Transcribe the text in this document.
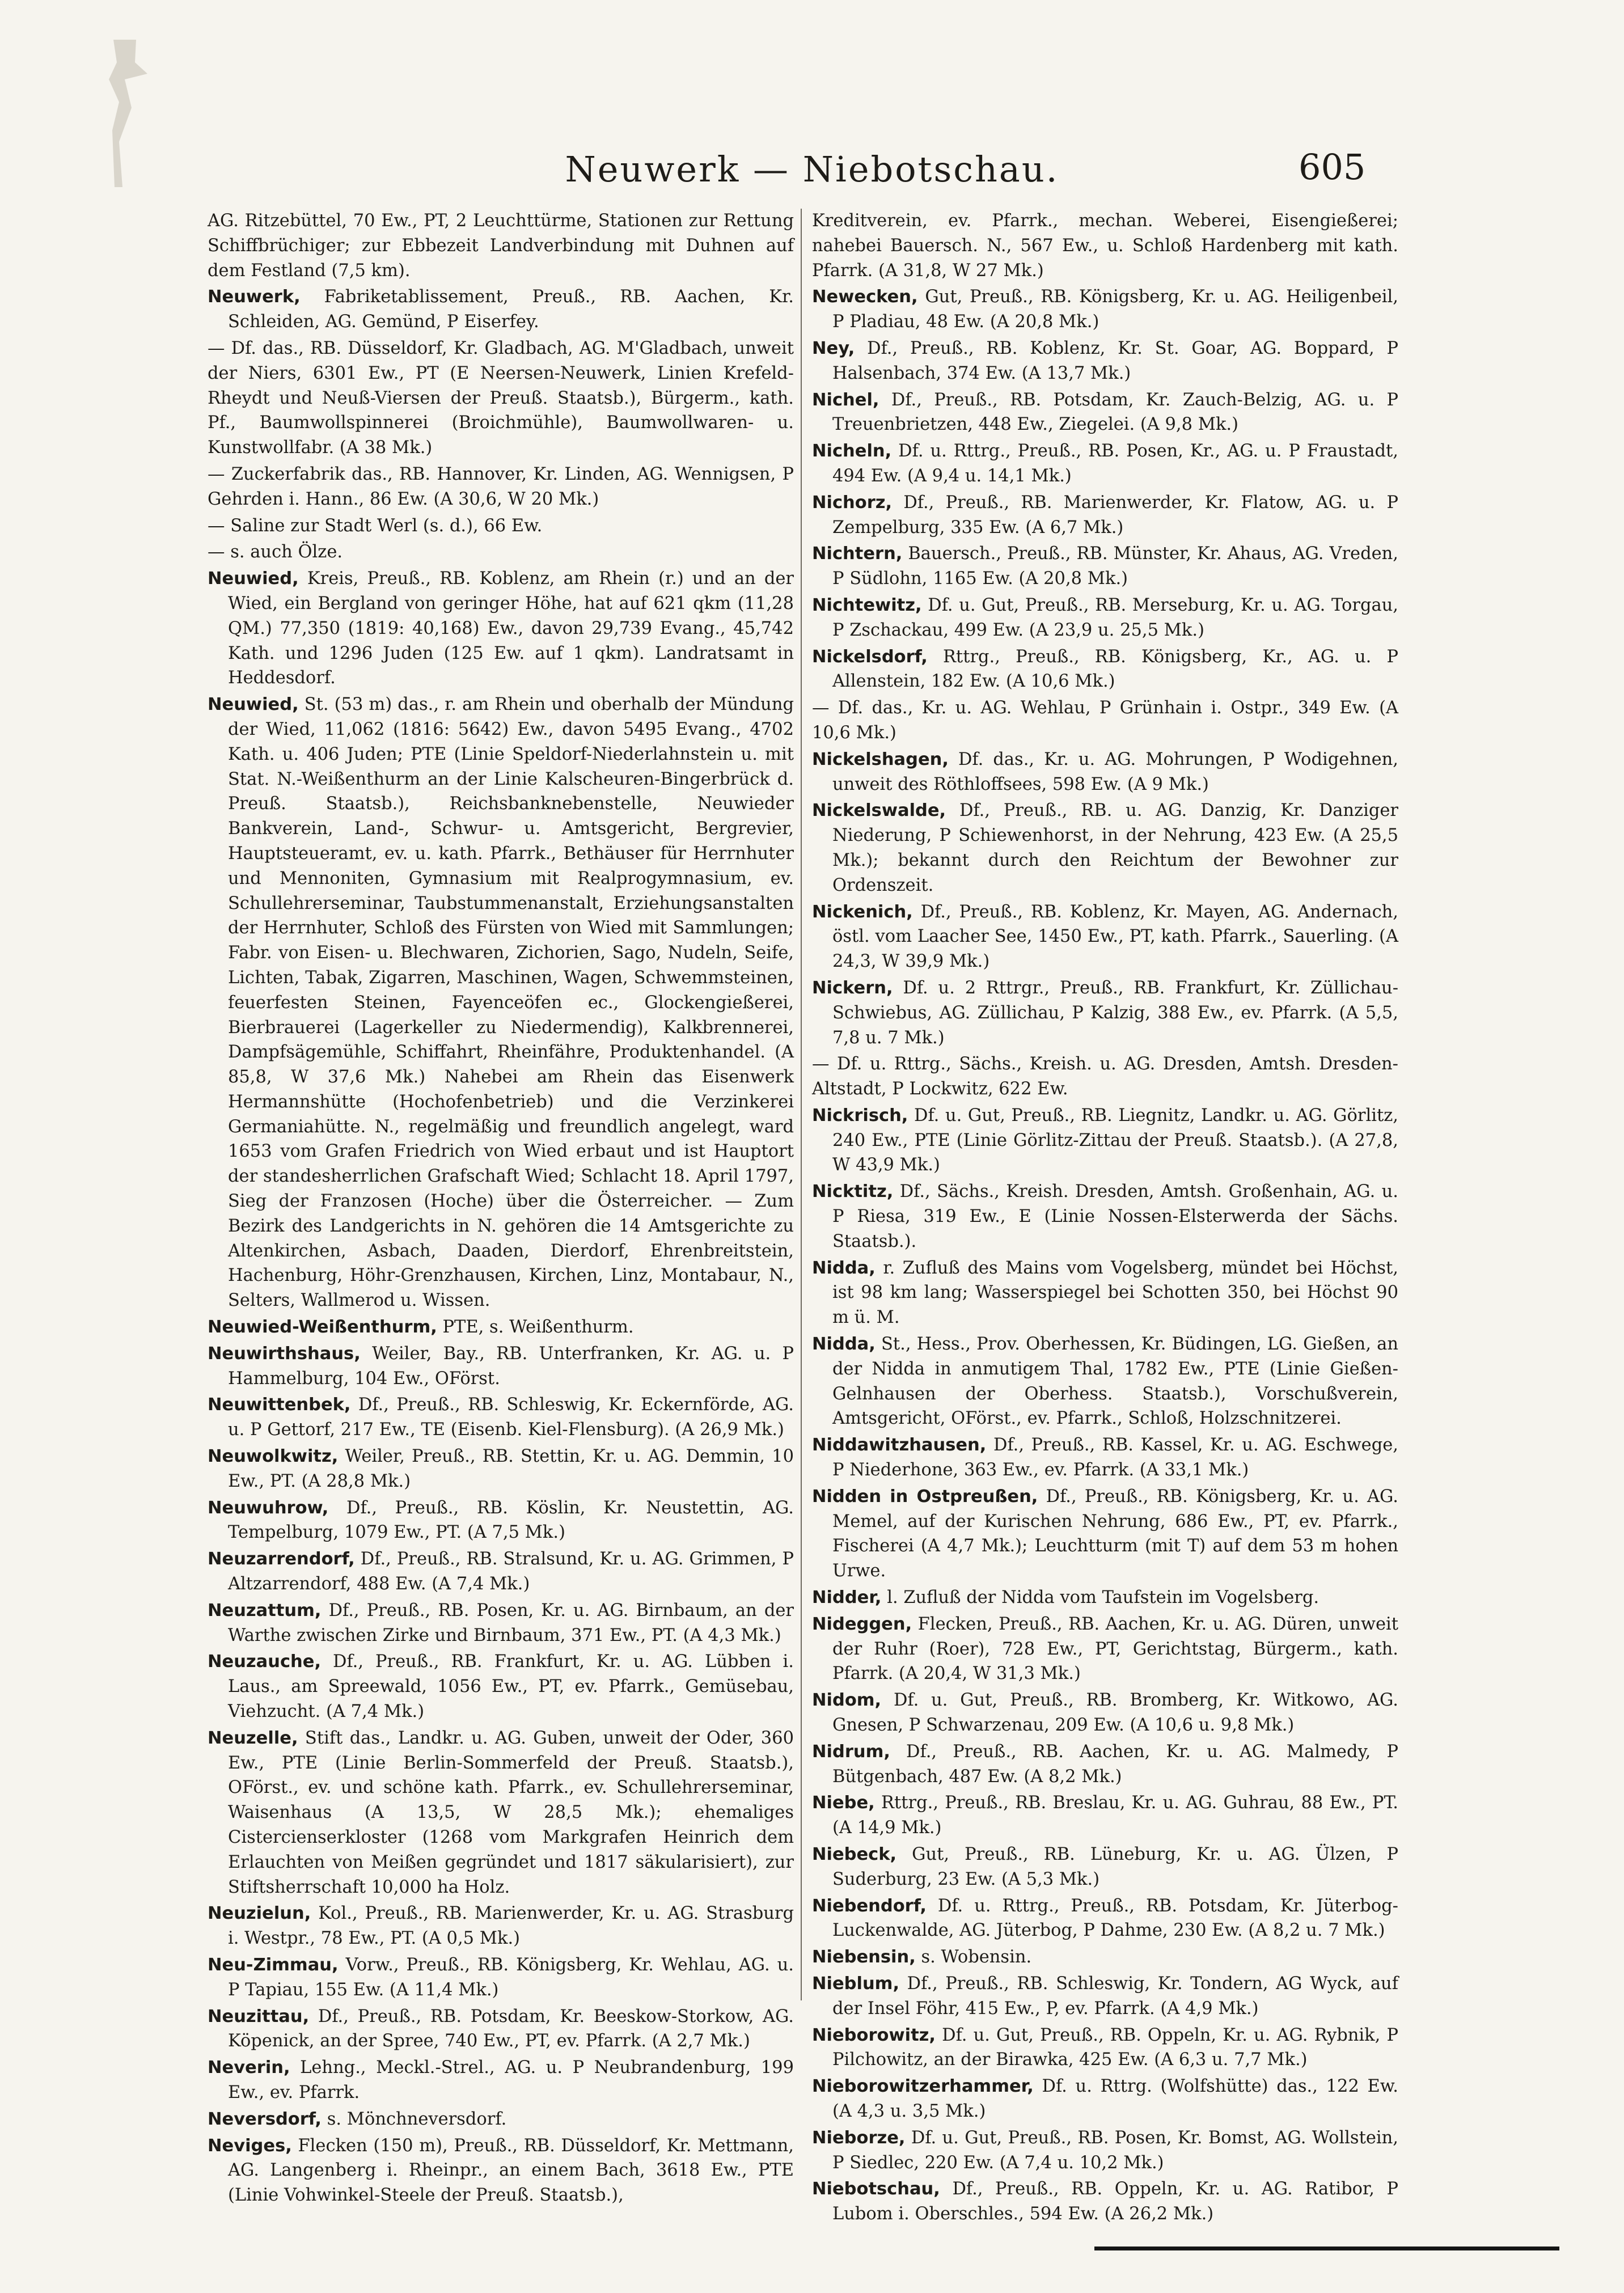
Neuwerk — Niebotschau.	605

AG. Ritzebüttel, 70 Ew., PT, 2 Leuchttürme, Stationen zur Rettung Schiffbrüchiger; zur Ebbezeit Landverbindung mit Duhnen auf dem Festland (7,5 km).

Neuwerk, Fabriketablissement, Preuß., RB. Aachen, Kr. Schleiden, AG. Gemünd, P Eiserfey.

— Df. das., RB. Düsseldorf, Kr. Gladbach, AG. M'Gladbach, unweit der Niers, 6301 Ew., PT (E Neersen-Neuwerk, Linien Krefeld-Rheydt und Neuß-Viersen der Preuß. Staatsb.), Bürgerm., kath. Pf., Baumwollspinnerei (Broichmühle), Baumwollwaren- u. Kunstwollfabr. (A 38 Mk.)

— Zuckerfabrik das., RB. Hannover, Kr. Linden, AG. Wennigsen, P Gehrden i. Hann., 86 Ew. (A 30,6, W 20 Mk.)

— Saline zur Stadt Werl (s. d.), 66 Ew.

— s. auch Ölze.

Neuwied, Kreis, Preuß., RB. Koblenz, am Rhein (r.) und an der Wied, ein Bergland von geringer Höhe, hat auf 621 qkm (11,28 QM.) 77,350 (1819: 40,168) Ew., davon 29,739 Evang., 45,742 Kath. und 1296 Juden (125 Ew. auf 1 qkm). Landratsamt in Heddesdorf.

Neuwied, St. (53 m) das., r. am Rhein und oberhalb der Mündung der Wied, 11,062 (1816: 5642) Ew., davon 5495 Evang., 4702 Kath. u. 406 Juden; PTE (Linie Speldorf-Niederlahnstein u. mit Stat. N.-Weißenthurm an der Linie Kalscheuren-Bingerbrück d. Preuß. Staatsb.), Reichsbanknebenstelle, Neuwieder Bankverein, Land-, Schwur- u. Amtsgericht, Bergrevier, Hauptsteueramt, ev. u. kath. Pfarrk., Bethäuser für Herrnhuter und Mennoniten, Gymnasium mit Realprogymnasium, ev. Schullehrerseminar, Taubstummenanstalt, Erziehungsanstalten der Herrnhuter, Schloß des Fürsten von Wied mit Sammlungen; Fabr. von Eisen- u. Blechwaren, Zichorien, Sago, Nudeln, Seife, Lichten, Tabak, Zigarren, Maschinen, Wagen, Schwemmsteinen, feuerfesten Steinen, Fayenceöfen ec., Glockengießerei, Bierbrauerei (Lagerkeller zu Niedermendig), Kalkbrennerei, Dampfsägemühle, Schiffahrt, Rheinfähre, Produktenhandel. (A 85,8, W 37,6 Mk.) Nahebei am Rhein das Eisenwerk Hermannshütte (Hochofenbetrieb) und die Verzinkerei Germaniahütte. N., regelmäßig und freundlich angelegt, ward 1653 vom Grafen Friedrich von Wied erbaut und ist Hauptort der standesherrlichen Grafschaft Wied; Schlacht 18. April 1797, Sieg der Franzosen (Hoche) über die Österreicher. — Zum Bezirk des Landgerichts in N. gehören die 14 Amtsgerichte zu Altenkirchen, Asbach, Daaden, Dierdorf, Ehrenbreitstein, Hachenburg, Höhr-Grenzhausen, Kirchen, Linz, Montabaur, N., Selters, Wallmerod u. Wissen.

Neuwied-Weißenthurm, PTE, s. Weißenthurm.

Neuwirthshaus, Weiler, Bay., RB. Unterfranken, Kr. AG. u. P Hammelburg, 104 Ew., OFörst.

Neuwittenbek, Df., Preuß., RB. Schleswig, Kr. Eckernförde, AG. u. P Gettorf, 217 Ew., TE (Eisenb. Kiel-Flensburg). (A 26,9 Mk.)

Neuwolkwitz, Weiler, Preuß., RB. Stettin, Kr. u. AG. Demmin, 10 Ew., PT. (A 28,8 Mk.)

Neuwuhrow, Df., Preuß., RB. Köslin, Kr. Neustettin, AG. Tempelburg, 1079 Ew., PT. (A 7,5 Mk.)

Neuzarrendorf, Df., Preuß., RB. Stralsund, Kr. u. AG. Grimmen, P Altzarrendorf, 488 Ew. (A 7,4 Mk.)

Neuzattum, Df., Preuß., RB. Posen, Kr. u. AG. Birnbaum, an der Warthe zwischen Zirke und Birnbaum, 371 Ew., PT. (A 4,3 Mk.)

Neuzauche, Df., Preuß., RB. Frankfurt, Kr. u. AG. Lübben i. Laus., am Spreewald, 1056 Ew., PT, ev. Pfarrk., Gemüsebau, Viehzucht. (A 7,4 Mk.)

Neuzelle, Stift das., Landkr. u. AG. Guben, unweit der Oder, 360 Ew., PTE (Linie Berlin-Sommerfeld der Preuß. Staatsb.), OFörst., ev. und schöne kath. Pfarrk., ev. Schullehrerseminar, Waisenhaus (A 13,5, W 28,5 Mk.); ehemaliges Cistercienserkloster (1268 vom Markgrafen Heinrich dem Erlauchten von Meißen gegründet und 1817 säkularisiert), zur Stiftsherrschaft 10,000 ha Holz.

Neuzielun, Kol., Preuß., RB. Marienwerder, Kr. u. AG. Strasburg i. Westpr., 78 Ew., PT. (A 0,5 Mk.)

Neu-Zimmau, Vorw., Preuß., RB. Königsberg, Kr. Wehlau, AG. u. P Tapiau, 155 Ew. (A 11,4 Mk.)

Neuzittau, Df., Preuß., RB. Potsdam, Kr. Beeskow-Storkow, AG. Köpenick, an der Spree, 740 Ew., PT, ev. Pfarrk. (A 2,7 Mk.)

Neverin, Lehng., Meckl.-Strel., AG. u. P Neubrandenburg, 199 Ew., ev. Pfarrk.

Neversdorf, s. Mönchneversdorf.

Neviges, Flecken (150 m), Preuß., RB. Düsseldorf, Kr. Mettmann, AG. Langenberg i. Rheinpr., an einem Bach, 3618 Ew., PTE (Linie Vohwinkel-Steele der Preuß. Staatsb.),

Kreditverein, ev. Pfarrk., mechan. Weberei, Eisengießerei; nahebei Bauersch. N., 567 Ew., u. Schloß Hardenberg mit kath. Pfarrk. (A 31,8, W 27 Mk.)

Newecken, Gut, Preuß., RB. Königsberg, Kr. u. AG. Heiligenbeil, P Pladiau, 48 Ew. (A 20,8 Mk.)

Ney, Df., Preuß., RB. Koblenz, Kr. St. Goar, AG. Boppard, P Halsenbach, 374 Ew. (A 13,7 Mk.)

Nichel, Df., Preuß., RB. Potsdam, Kr. Zauch-Belzig, AG. u. P Treuenbrietzen, 448 Ew., Ziegelei. (A 9,8 Mk.)

Nicheln, Df. u. Rttrg., Preuß., RB. Posen, Kr., AG. u. P Fraustadt, 494 Ew. (A 9,4 u. 14,1 Mk.)

Nichorz, Df., Preuß., RB. Marienwerder, Kr. Flatow, AG. u. P Zempelburg, 335 Ew. (A 6,7 Mk.)

Nichtern, Bauersch., Preuß., RB. Münster, Kr. Ahaus, AG. Vreden, P Südlohn, 1165 Ew. (A 20,8 Mk.)

Nichtewitz, Df. u. Gut, Preuß., RB. Merseburg, Kr. u. AG. Torgau, P Zschackau, 499 Ew. (A 23,9 u. 25,5 Mk.)

Nickelsdorf, Rttrg., Preuß., RB. Königsberg, Kr., AG. u. P Allenstein, 182 Ew. (A 10,6 Mk.)

— Df. das., Kr. u. AG. Wehlau, P Grünhain i. Ostpr., 349 Ew. (A 10,6 Mk.)

Nickelshagen, Df. das., Kr. u. AG. Mohrungen, P Wodigehnen, unweit des Röthloffsees, 598 Ew. (A 9 Mk.)

Nickelswalde, Df., Preuß., RB. u. AG. Danzig, Kr. Danziger Niederung, P Schiewenhorst, in der Nehrung, 423 Ew. (A 25,5 Mk.); bekannt durch den Reichtum der Bewohner zur Ordenszeit.

Nickenich, Df., Preuß., RB. Koblenz, Kr. Mayen, AG. Andernach, östl. vom Laacher See, 1450 Ew., PT, kath. Pfarrk., Sauerling. (A 24,3, W 39,9 Mk.)

Nickern, Df. u. 2 Rttrgr., Preuß., RB. Frankfurt, Kr. Züllichau-Schwiebus, AG. Züllichau, P Kalzig, 388 Ew., ev. Pfarrk. (A 5,5, 7,8 u. 7 Mk.)

— Df. u. Rttrg., Sächs., Kreish. u. AG. Dresden, Amtsh. Dresden-Altstadt, P Lockwitz, 622 Ew.

Nickrisch, Df. u. Gut, Preuß., RB. Liegnitz, Landkr. u. AG. Görlitz, 240 Ew., PTE (Linie Görlitz-Zittau der Preuß. Staatsb.). (A 27,8, W 43,9 Mk.)

Nicktitz, Df., Sächs., Kreish. Dresden, Amtsh. Großenhain, AG. u. P Riesa, 319 Ew., E (Linie Nossen-Elsterwerda der Sächs. Staatsb.).

Nidda, r. Zufluß des Mains vom Vogelsberg, mündet bei Höchst, ist 98 km lang; Wasserspiegel bei Schotten 350, bei Höchst 90 m ü. M.

Nidda, St., Hess., Prov. Oberhessen, Kr. Büdingen, LG. Gießen, an der Nidda in anmutigem Thal, 1782 Ew., PTE (Linie Gießen-Gelnhausen der Oberhess. Staatsb.), Vorschußverein, Amtsgericht, OFörst., ev. Pfarrk., Schloß, Holzschnitzerei.

Niddawitzhausen, Df., Preuß., RB. Kassel, Kr. u. AG. Eschwege, P Niederhone, 363 Ew., ev. Pfarrk. (A 33,1 Mk.)

Nidden in Ostpreußen, Df., Preuß., RB. Königsberg, Kr. u. AG. Memel, auf der Kurischen Nehrung, 686 Ew., PT, ev. Pfarrk., Fischerei (A 4,7 Mk.); Leuchtturm (mit T) auf dem 53 m hohen Urwe.

Nidder, l. Zufluß der Nidda vom Taufstein im Vogelsberg.

Nideggen, Flecken, Preuß., RB. Aachen, Kr. u. AG. Düren, unweit der Ruhr (Roer), 728 Ew., PT, Gerichtstag, Bürgerm., kath. Pfarrk. (A 20,4, W 31,3 Mk.)

Nidom, Df. u. Gut, Preuß., RB. Bromberg, Kr. Witkowo, AG. Gnesen, P Schwarzenau, 209 Ew. (A 10,6 u. 9,8 Mk.)

Nidrum, Df., Preuß., RB. Aachen, Kr. u. AG. Malmedy, P Bütgenbach, 487 Ew. (A 8,2 Mk.)

Niebe, Rttrg., Preuß., RB. Breslau, Kr. u. AG. Guhrau, 88 Ew., PT. (A 14,9 Mk.)

Niebeck, Gut, Preuß., RB. Lüneburg, Kr. u. AG. Ülzen, P Suderburg, 23 Ew. (A 5,3 Mk.)

Niebendorf, Df. u. Rttrg., Preuß., RB. Potsdam, Kr. Jüterbog-Luckenwalde, AG. Jüterbog, P Dahme, 230 Ew. (A 8,2 u. 7 Mk.)

Niebensin, s. Wobensin.

Nieblum, Df., Preuß., RB. Schleswig, Kr. Tondern, AG Wyck, auf der Insel Föhr, 415 Ew., P, ev. Pfarrk. (A 4,9 Mk.)

Nieborowitz, Df. u. Gut, Preuß., RB. Oppeln, Kr. u. AG. Rybnik, P Pilchowitz, an der Birawka, 425 Ew. (A 6,3 u. 7,7 Mk.)

Nieborowitzerhammer, Df. u. Rttrg. (Wolfshütte) das., 122 Ew. (A 4,3 u. 3,5 Mk.)

Nieborze, Df. u. Gut, Preuß., RB. Posen, Kr. Bomst, AG. Wollstein, P Siedlec, 220 Ew. (A 7,4 u. 10,2 Mk.)

Niebotschau, Df., Preuß., RB. Oppeln, Kr. u. AG. Ratibor, P Lubom i. Oberschles., 594 Ew. (A 26,2 Mk.)
